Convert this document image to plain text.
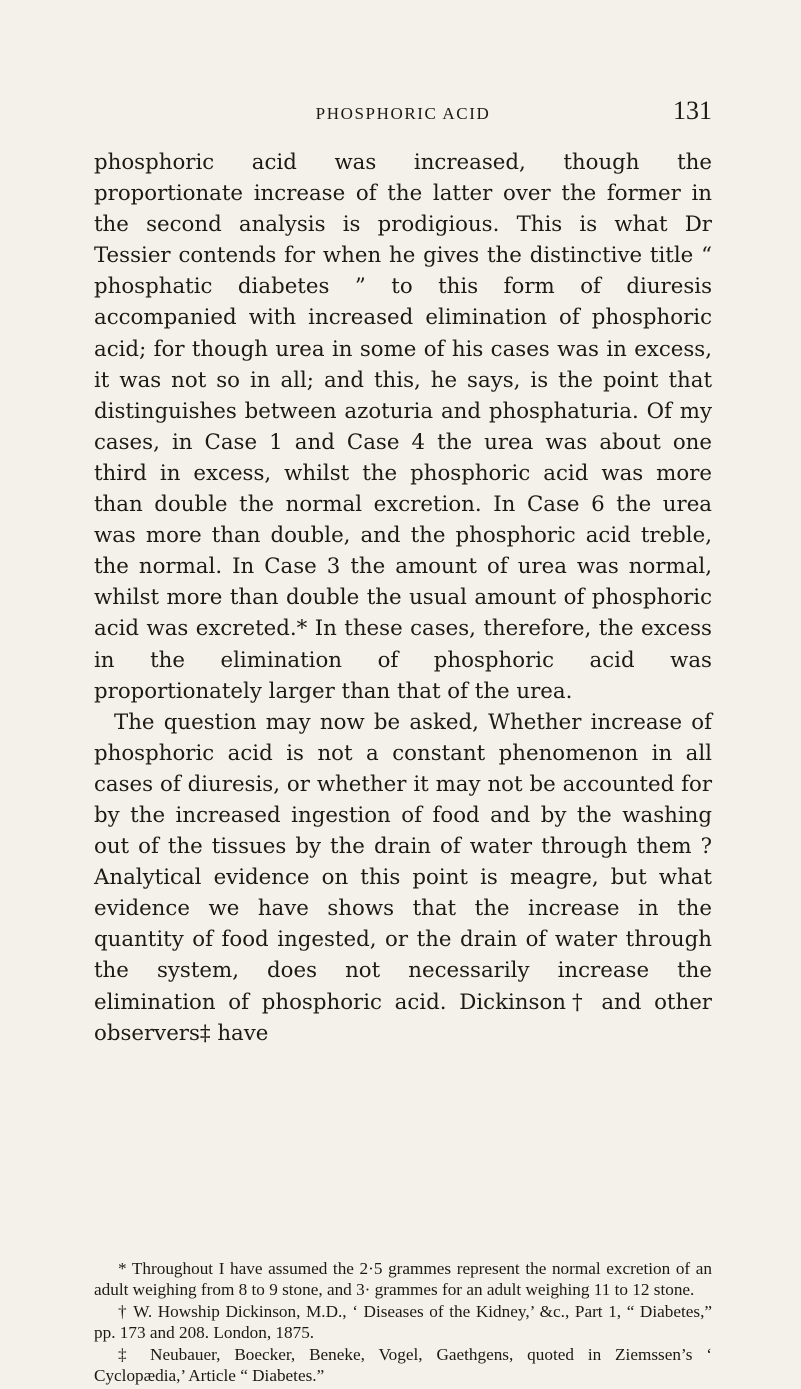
PHOSPHORIC ACID	131

phosphoric acid was increased, though the proportionate increase of the latter over the former in the second analysis is prodigious. This is what Dr Tessier contends for when he gives the distinctive title “ phosphatic diabetes ” to this form of diuresis accompanied with increased elimination of phosphoric acid; for though urea in some of his cases was in excess, it was not so in all; and this, he says, is the point that distinguishes between azoturia and phosphaturia. Of my cases, in Case 1 and Case 4 the urea was about one third in excess, whilst the phosphoric acid was more than double the normal excretion. In Case 6 the urea was more than double, and the phosphoric acid treble, the normal. In Case 3 the amount of urea was normal, whilst more than double the usual amount of phosphoric acid was excreted.* In these cases, therefore, the excess in the elimination of phosphoric acid was proportionately larger than that of the urea.

The question may now be asked, Whether increase of phosphoric acid is not a constant phenomenon in all cases of diuresis, or whether it may not be accounted for by the increased ingestion of food and by the washing out of the tissues by the drain of water through them ? Analytical evidence on this point is meagre, but what evidence we have shows that the increase in the quantity of food ingested, or the drain of water through the system, does not necessarily increase the elimination of phosphoric acid. Dickinson† and other observers‡ have

* Throughout I have assumed the 2·5 grammes represent the normal excretion of an adult weighing from 8 to 9 stone, and 3· grammes for an adult weighing 11 to 12 stone.

† W. Howship Dickinson, M.D., ‘ Diseases of the Kidney,’ &c., Part 1, “ Diabetes,” pp. 173 and 208. London, 1875.

‡ Neubauer, Boecker, Beneke, Vogel, Gaethgens, quoted in Ziemssen’s ‘ Cyclopædia,’ Article “ Diabetes.”
